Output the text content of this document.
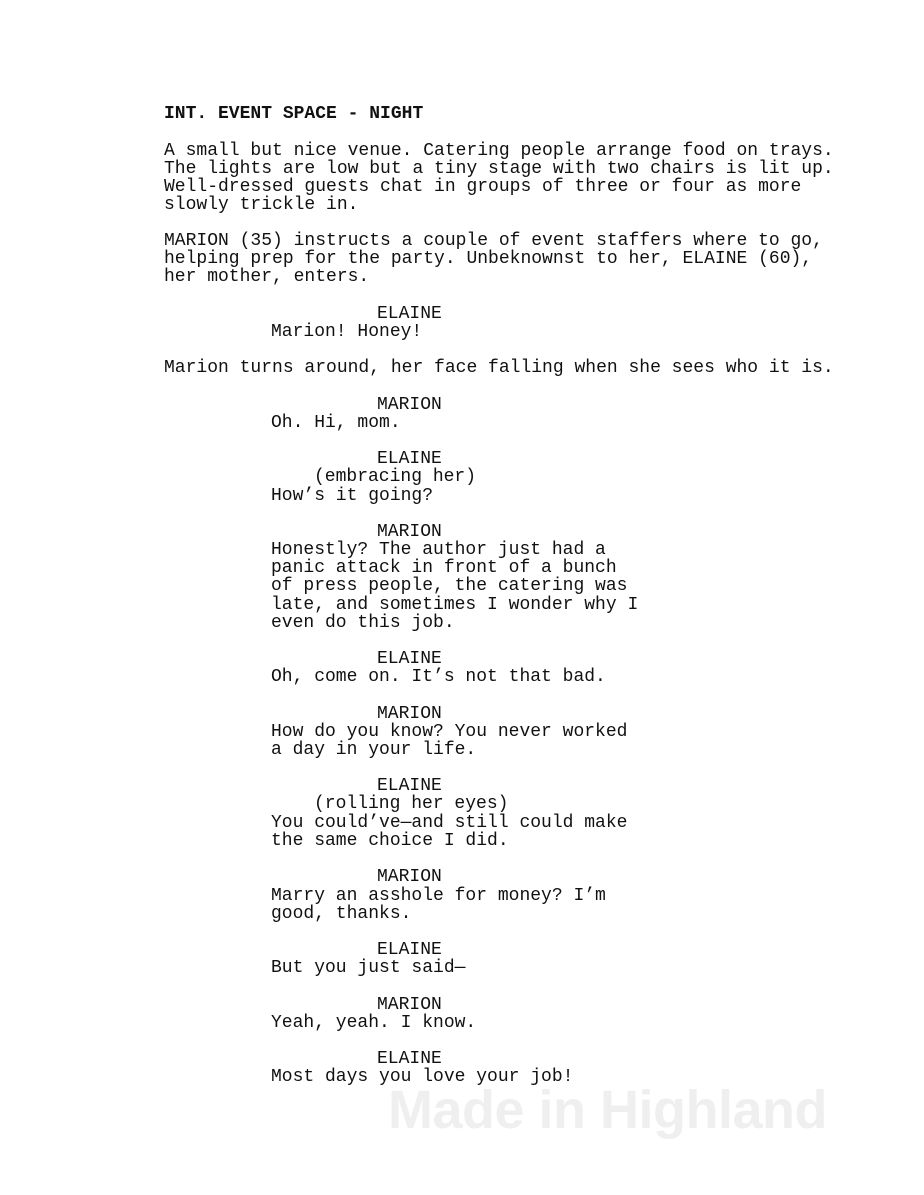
INT. EVENT SPACE - NIGHT
A small but nice venue. Catering people arrange food on trays.
The lights are low but a tiny stage with two chairs is lit up.
Well-dressed guests chat in groups of three or four as more
slowly trickle in.
MARION (35) instructs a couple of event staffers where to go,
helping prep for the party. Unbeknownst to her, ELAINE (60),
her mother, enters.
ELAINE
Marion! Honey!
Marion turns around, her face falling when she sees who it is.
MARION
Oh. Hi, mom.
ELAINE
(embracing her)
How’s it going?
MARION
Honestly? The author just had a
panic attack in front of a bunch
of press people, the catering was
late, and sometimes I wonder why I
even do this job.
ELAINE
Oh, come on. It’s not that bad.
MARION
How do you know? You never worked
a day in your life.
ELAINE
(rolling her eyes)
You could’ve—and still could make
the same choice I did.
MARION
Marry an asshole for money? I’m
good, thanks.
ELAINE
But you just said—
MARION
Yeah, yeah. I know.
ELAINE
Most days you love your job!
Made in Highland
